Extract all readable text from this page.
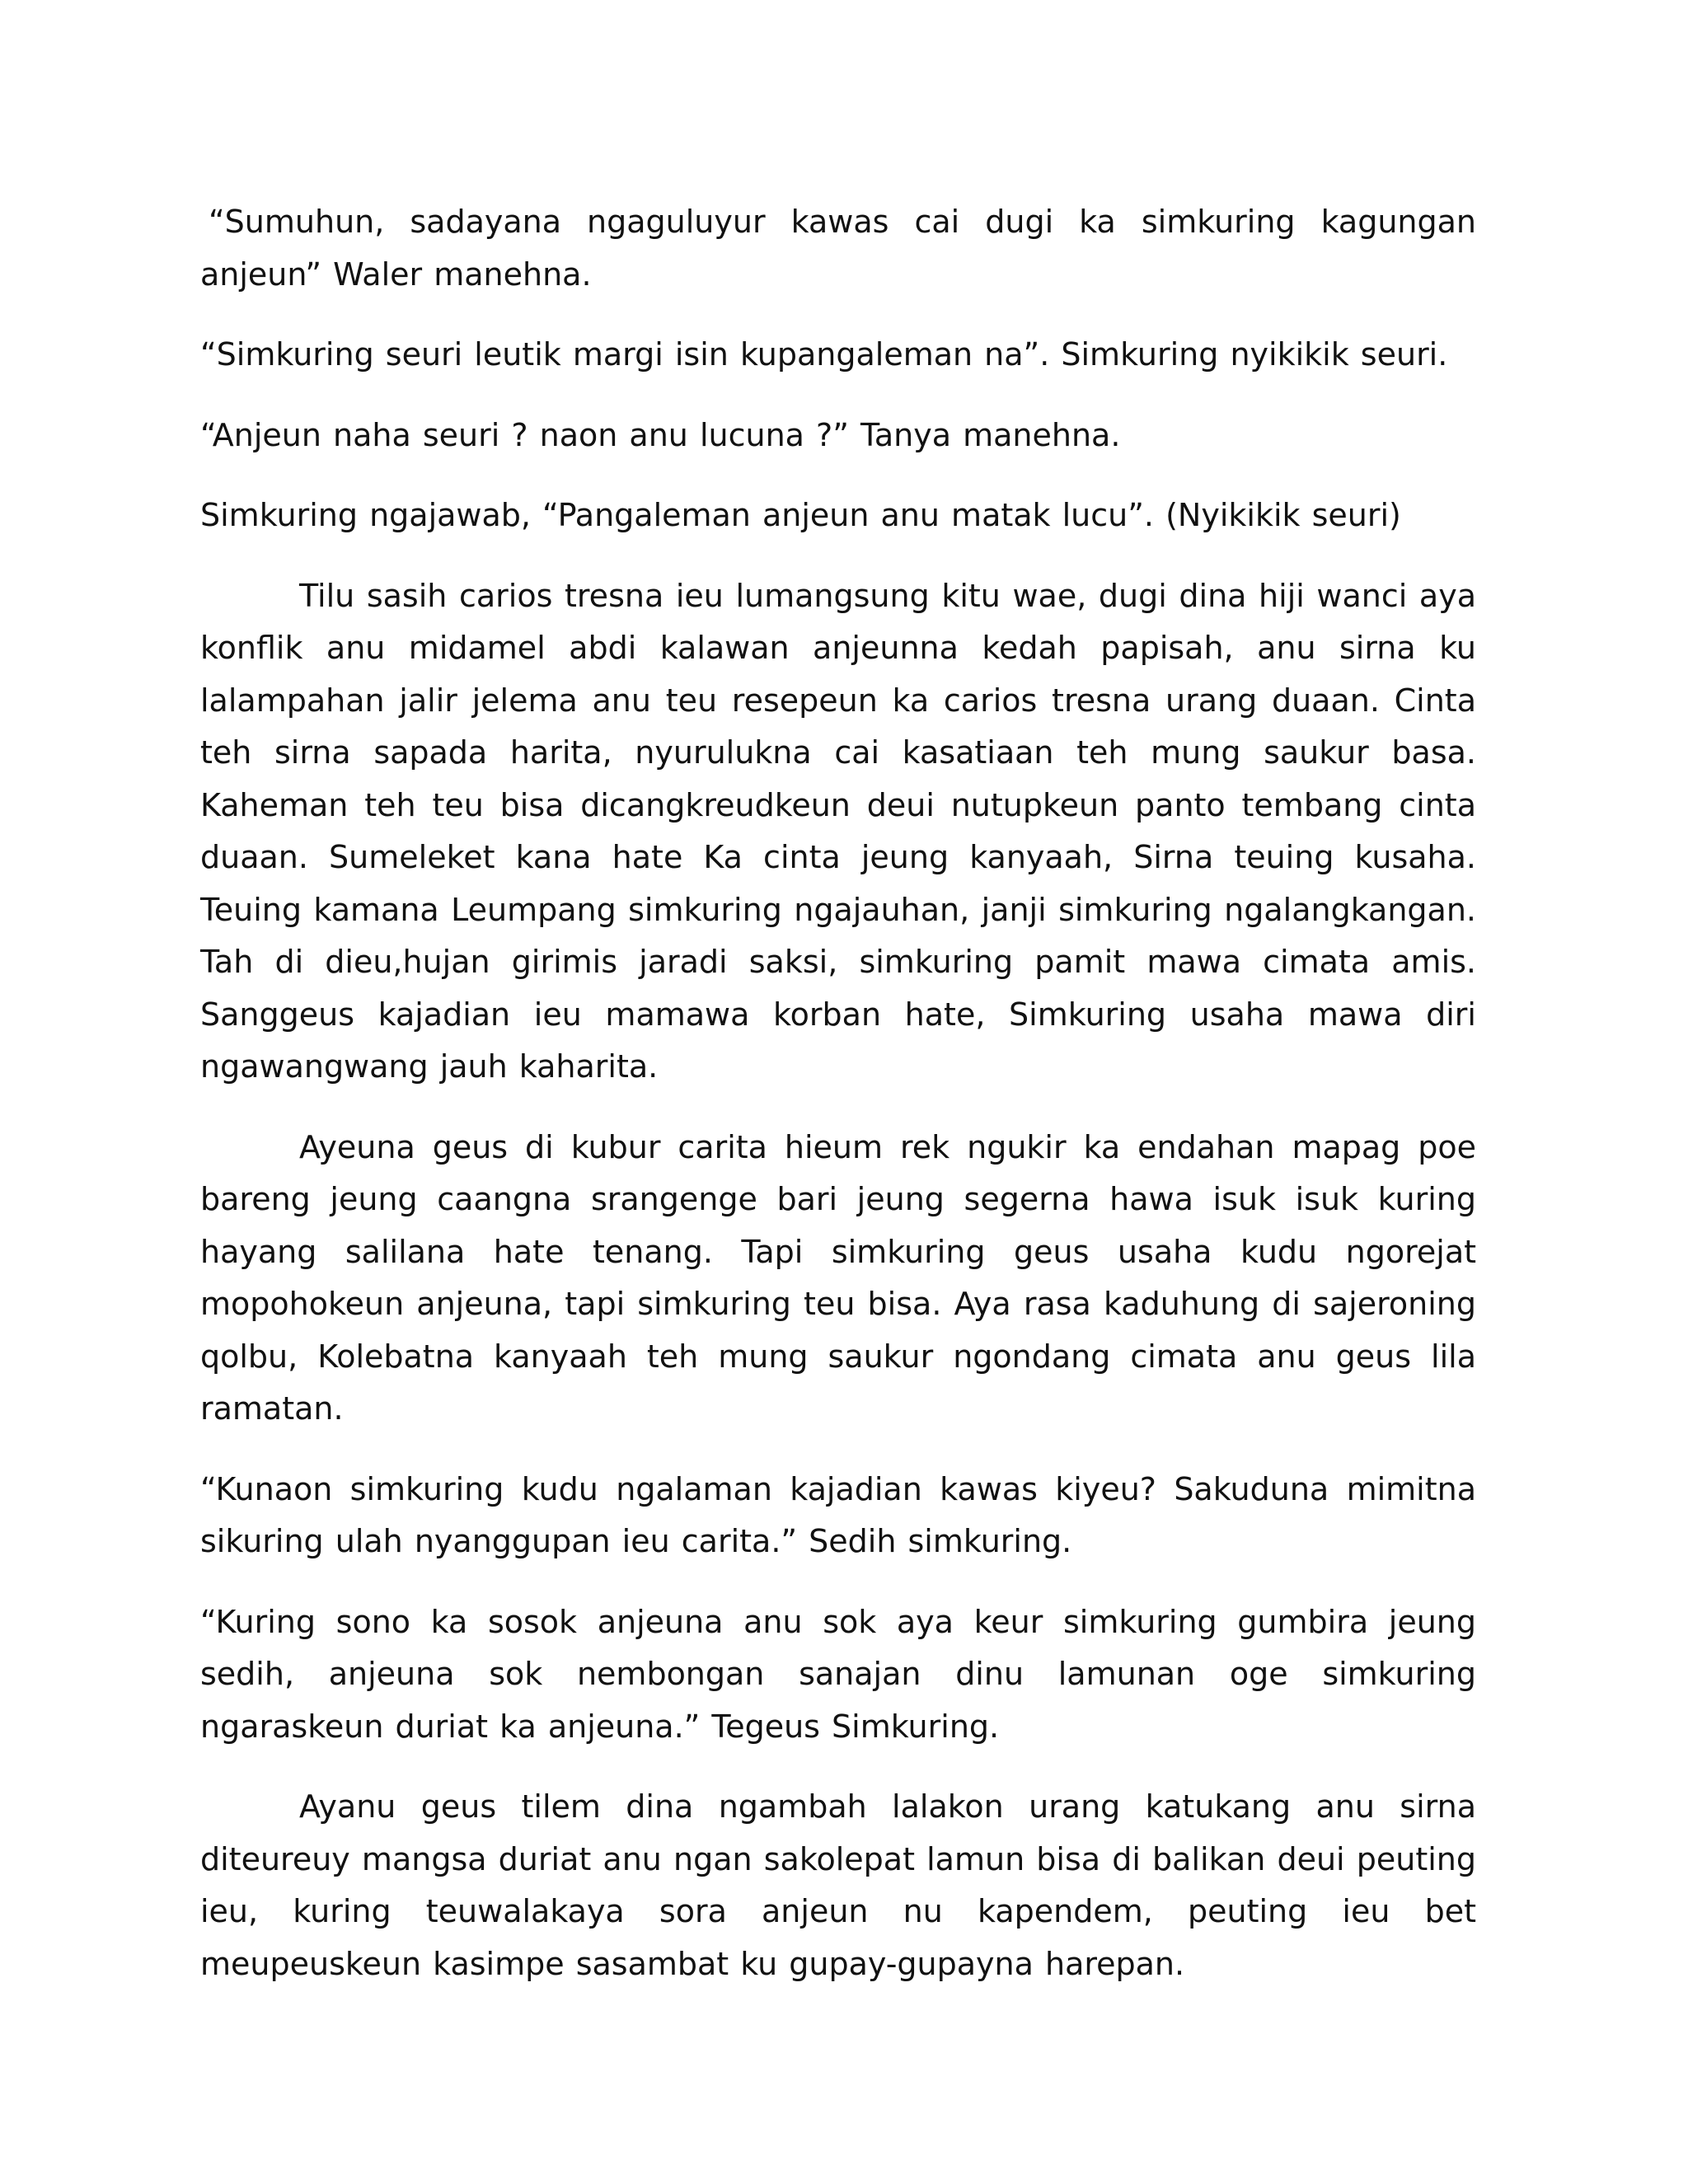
“Sumuhun, sadayana ngaguluyur kawas cai dugi ka simkuring kagungan anjeun” Waler manehna.

“Simkuring seuri leutik margi isin kupangaleman na”. Simkuring nyikikik seuri.

“Anjeun naha seuri ? naon anu lucuna ?” Tanya manehna.

Simkuring ngajawab, “Pangaleman anjeun anu matak lucu”. (Nyikikik seuri)

Tilu sasih carios tresna ieu lumangsung kitu wae, dugi dina hiji wanci aya konflik anu midamel abdi kalawan anjeunna kedah papisah, anu sirna ku lalampahan jalir jelema anu teu resepeun ka carios tresna urang duaan. Cinta teh sirna sapada harita, nyurulukna cai kasatiaan teh mung saukur basa. Kaheman teh teu bisa dicangkreudkeun deui nutupkeun panto tembang cinta duaan. Sumeleket kana hate Ka cinta jeung kanyaah, Sirna teuing kusaha. Teuing kamana Leumpang simkuring ngajauhan, janji simkuring ngalangkangan. Tah di dieu,hujan girimis jaradi saksi, simkuring pamit mawa cimata amis. Sanggeus kajadian ieu mamawa korban hate, Simkuring usaha mawa diri ngawangwang jauh kaharita.

Ayeuna geus di kubur carita hieum rek ngukir ka endahan mapag poe bareng jeung caangna srangenge bari jeung segerna hawa isuk isuk kuring hayang salilana hate tenang. Tapi simkuring geus usaha kudu ngorejat mopohokeun anjeuna, tapi simkuring teu bisa. Aya rasa kaduhung di sajeroning qolbu, Kolebatna kanyaah teh mung saukur ngondang cimata anu geus lila ramatan.

“Kunaon simkuring kudu ngalaman kajadian kawas kiyeu? Sakuduna mimitna sikuring ulah nyanggupan ieu carita.” Sedih simkuring.

“Kuring sono ka sosok anjeuna anu sok aya keur simkuring gumbira jeung sedih, anjeuna sok nembongan sanajan dinu lamunan oge simkuring ngaraskeun duriat ka anjeuna.” Tegeus Simkuring.

Ayanu geus tilem dina ngambah lalakon urang katukang anu sirna diteureuy mangsa duriat anu ngan sakolepat lamun bisa di balikan deui peuting ieu, kuring teuwalakaya sora anjeun nu kapendem, peuting ieu bet meupeuskeun kasimpe sasambat ku gupay-gupayna harepan.
